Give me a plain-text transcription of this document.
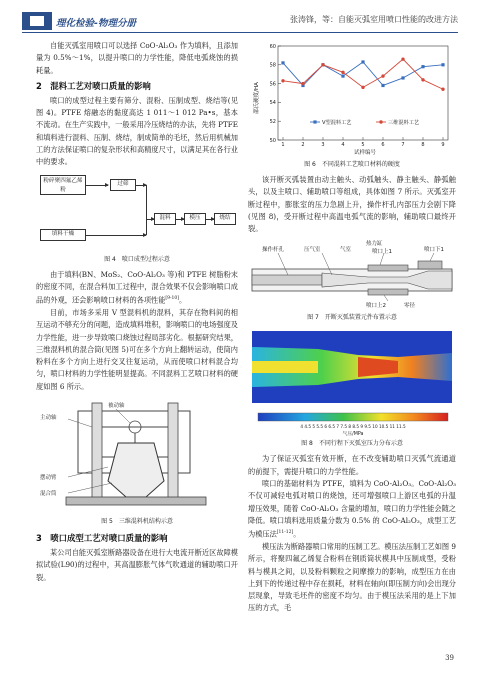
理化检验-物理分册	张涛锋，等：自能灭弧室用喷口性能的改进方法

自能灭弧室用喷口可以选择 CoO-Al₂O₃ 作为填料，且添加量为 0.5%～1%，以提升喷口的力学性能，降低电弧烧蚀的损耗量。

2　混料工艺对喷口质量的影响

喷口的成型过程主要有筛分、混粉、压制成型、烧结等(见图 4)。PTFE 熔融态的黏度高达 1 011～1 012 Pa•s，基本不流动。在生产实践中，一般采用冷压烧结的办法，先将 PTFE 和填料进行混料、压制、烧结，制成简单的毛坯，然后用机械加工的方法保证喷口的复杂形状和高精度尺寸，以满足其在各行业中的要求。

粉碎聚四氟乙烯粉
过筛
填料干燥
混料	模压	烧结
图 4　喷口成型过程示意

由于填料(BN、MoS₂、CoO-Al₂O₃ 等)和 PTFE 树脂粉末的密度不同，在混合料加工过程中，混合效果不仅会影响喷口成品的外观，还会影响喷口材料的各项性能[9-10]。

目前，市场多采用 V 型混料机的混料，其存在物料间的相互运动不够充分的问题，造成填料堆积，影响喷口的电场强度及力学性能，进一步导致喷口烧蚀过程局部劣化。根据研究结果，三维混料机的混合筒(见图 5)可在多个方向上翻转运动，使筒内粉料在多个方向上进行交叉往复运动，从而使喷口材料混合均匀，喷口材料的力学性能明显提高。不同混料工艺喷口材料的硬度如图 6 所示。

主动轴
被动轴
混合筒
摆动臂
图 5　三维混料机结构示意
3　喷口成型工艺对喷口质量的影响

某公司自能灭弧室断路器设备在进行大电流开断近区故障模拟试验(L90)的过程中，其高温膨胀气体气吹通道的辅助喷口开裂。

50
52
54
56
58
60
1	2	3	4	5	6	7	8	9
邵氏硬度/HA
试样编号
V型混料工艺	三维混料工艺
图 6　不同混料工艺喷口材料的硬度

该开断灭弧装置由动主触头、动弧触头、静主触头、静弧触头，以及主喷口、辅助喷口等组成，具体如图 7 所示。灭弧室开断过程中，膨胀室的压力急剧上升，操作杆孔内部压力会剧下降(见图 8)，受开断过程中高温电弧气流的影响，辅助喷口最终开裂。

操作杆孔	压气室	气室
热力缸
喷口上1	喷口下1
喷口上2	零径
图 7　开断灭弧装置元件布置示意
4 4.5 5 5.5 6 6.5 7 7.5 8 8.5 9 9.5 10 10.5 11 11.5
气压/MPa
图 8　不同行程下灭弧室压力分布示意

为了保证灭弧室有效开断，在不改变辅助喷口灭弧气流通道的前提下，需提升喷口的力学性能。

喷口的基础材料为 PTFE，填料为 CoO-Al₂O₃。CoO-Al₂O₃ 不仅可减轻电弧对喷口的烧蚀，还可增强喷口上游区电弧的升温增压效果，随着 CoO-Al₂O₃ 含量的增加，喷口的力学性能会随之降低。喷口填料选用质量分数为 0.5% 的 CoO-Al₂O₃，成型工艺为模压法[11-12]。

模压法为断路器喷口常用的压制工艺。模压法压制工艺如图 9 所示，将聚四氟乙烯复合粉料在钢质筒状模具中压制成型，受粉料与模具之间，以及粉料颗粒之间摩擦力的影响，成型压力在由上到下的传递过程中存在损耗，材料在轴向(即压制方向)会出现分层现象，导致毛坯件的密度不均匀。由于模压法采用的是上下加压的方式，毛

39
